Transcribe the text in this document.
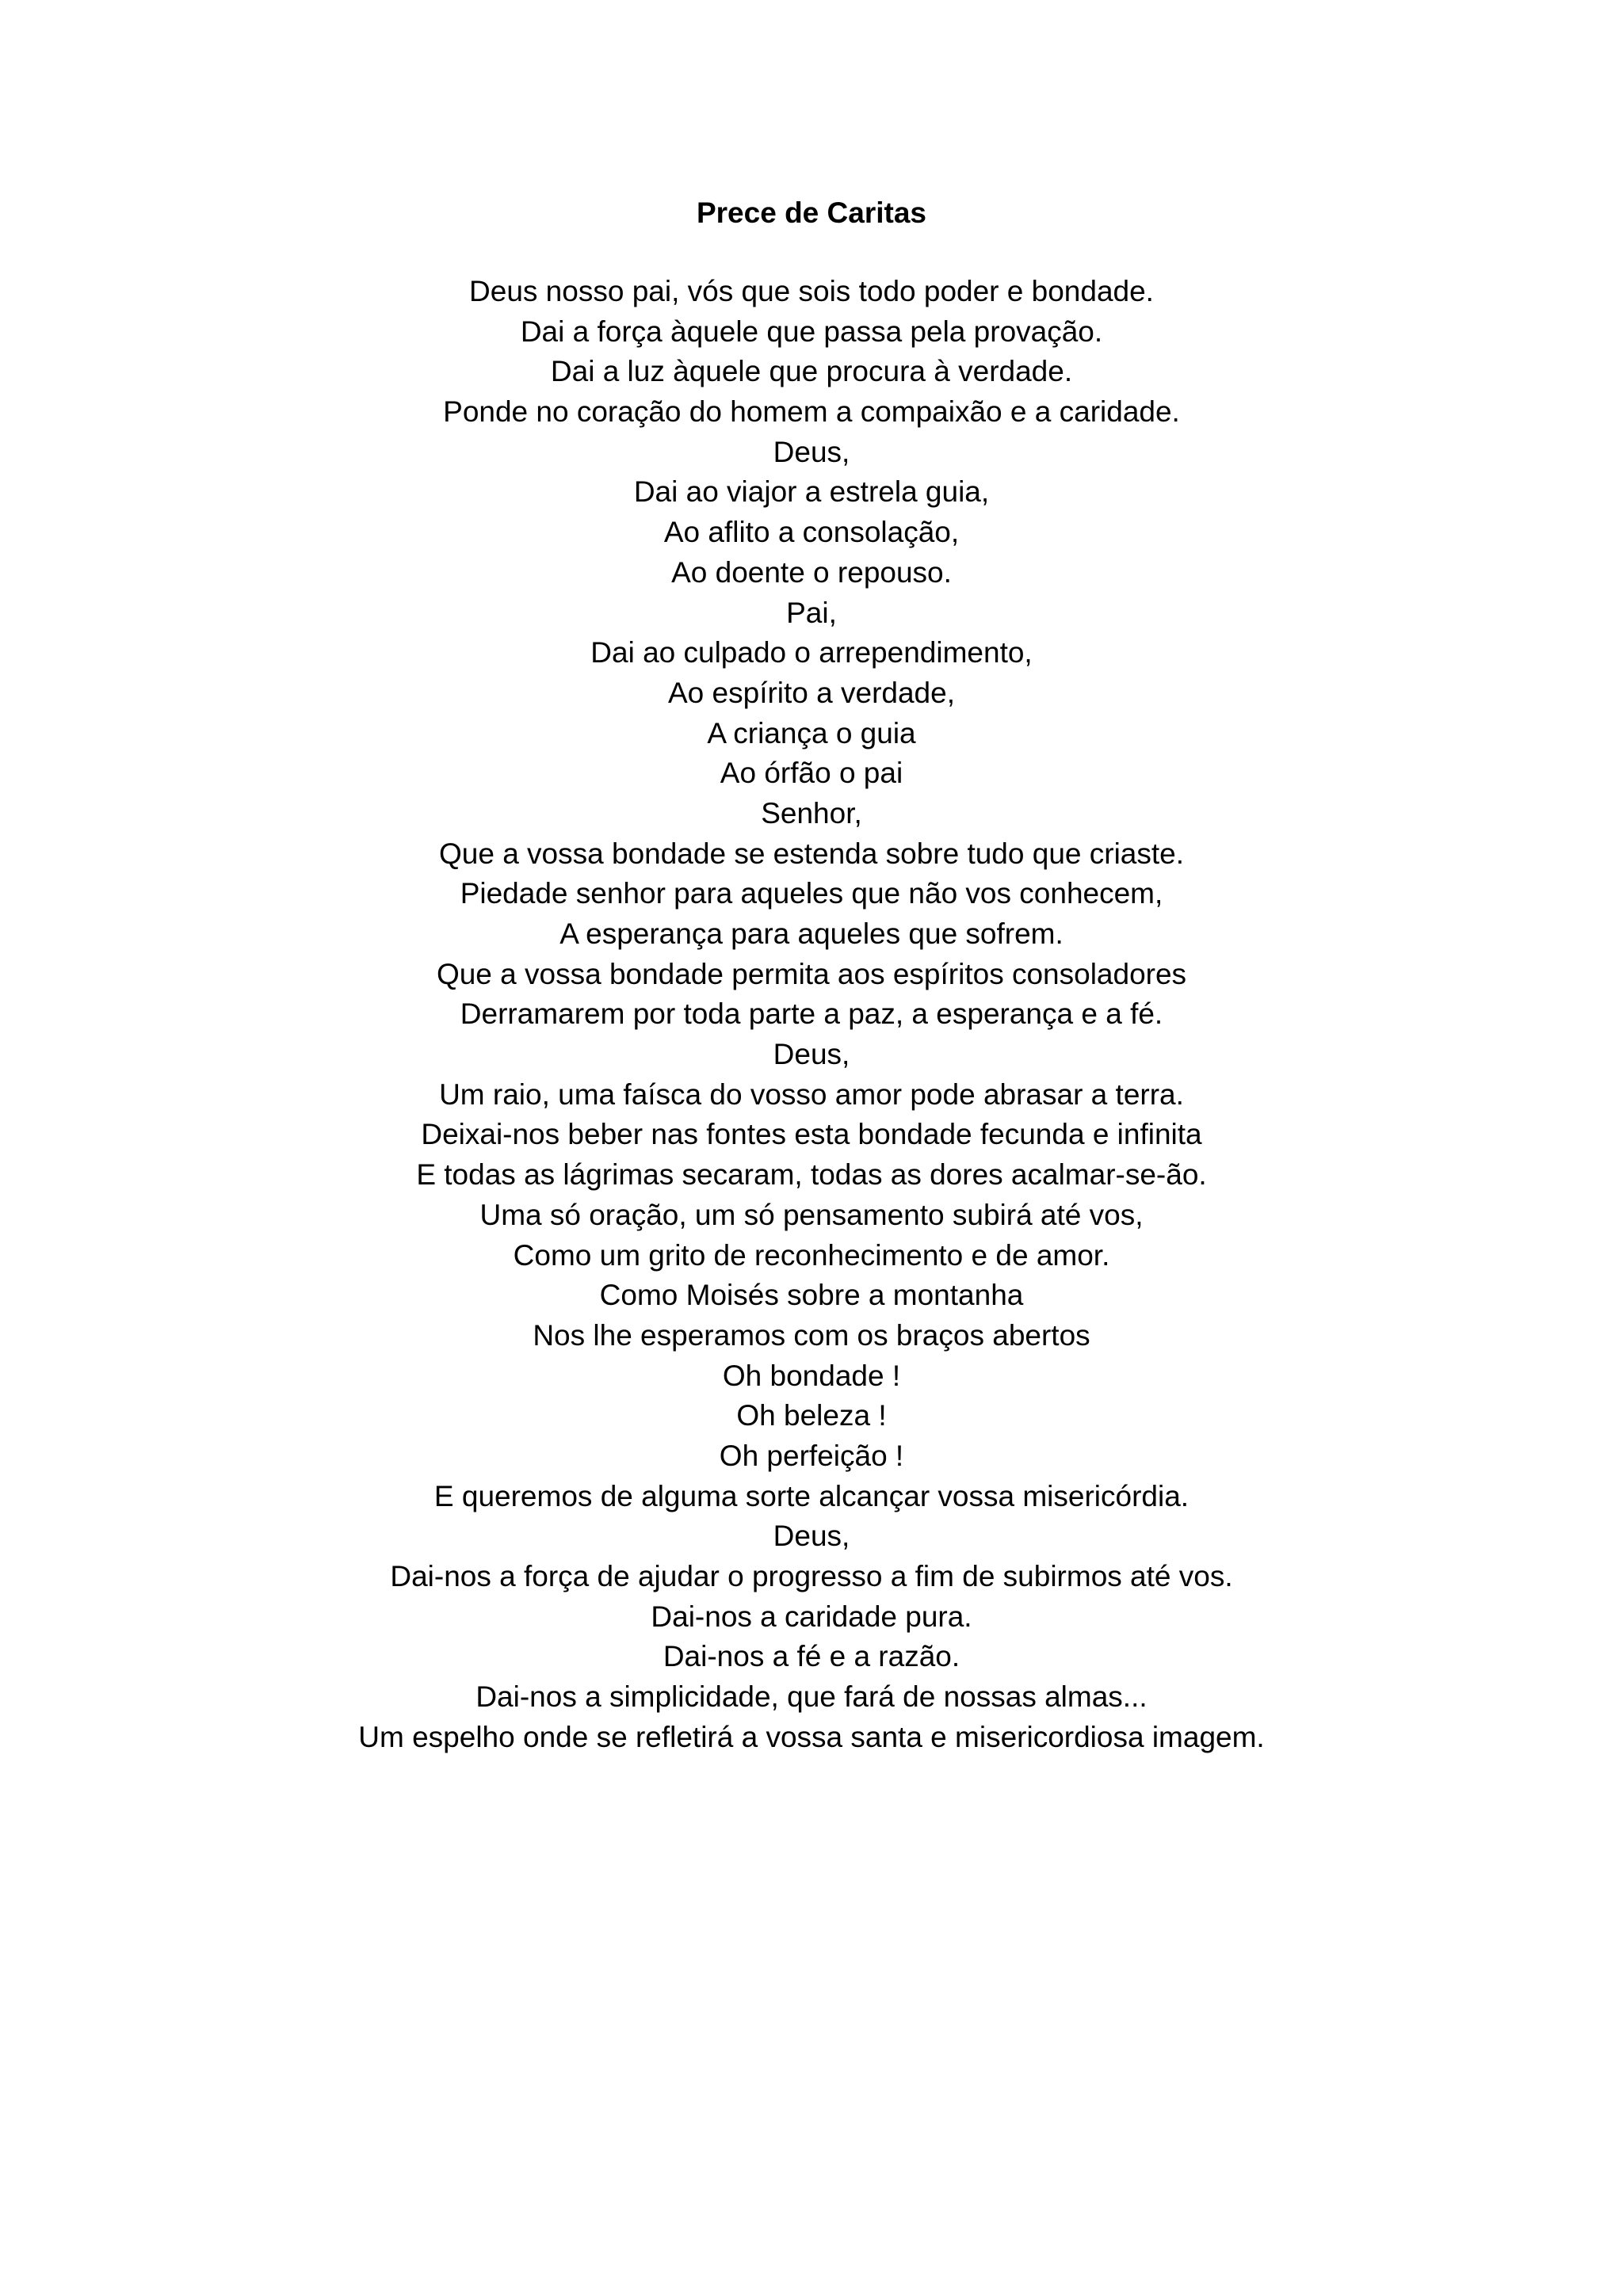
Prece de Caritas
Deus nosso pai, vós que sois todo poder e bondade.
Dai a força àquele que passa pela provação.
Dai a luz àquele que procura à verdade.
Ponde no coração do homem a compaixão e a caridade.
Deus,
Dai ao viajor a estrela guia,
Ao aflito a consolação,
Ao doente o repouso.
Pai,
Dai ao culpado o arrependimento,
Ao espírito a verdade,
A criança o guia
Ao órfão o pai
Senhor,
Que a vossa bondade se estenda sobre tudo que criaste.
Piedade senhor para aqueles que não vos conhecem,
A esperança para aqueles que sofrem.
Que a vossa bondade permita aos espíritos consoladores
Derramarem por toda parte a paz, a esperança e a fé.
Deus,
Um raio, uma faísca do vosso amor pode abrasar a terra.
Deixai-nos beber nas fontes esta bondade fecunda e infinita
E todas as lágrimas secaram, todas as dores acalmar-se-ão.
Uma só oração, um só pensamento subirá até vos,
Como um grito de reconhecimento e de amor.
Como Moisés sobre a montanha
Nos lhe esperamos com os braços abertos
Oh bondade !
Oh beleza !
Oh perfeição !
E queremos de alguma sorte alcançar vossa misericórdia.
Deus,
Dai-nos a força de ajudar o progresso a fim de subirmos até vos.
Dai-nos a caridade pura.
Dai-nos a fé e a razão.
Dai-nos a simplicidade, que fará de nossas almas...
Um espelho onde se refletirá a vossa santa e misericordiosa imagem.
